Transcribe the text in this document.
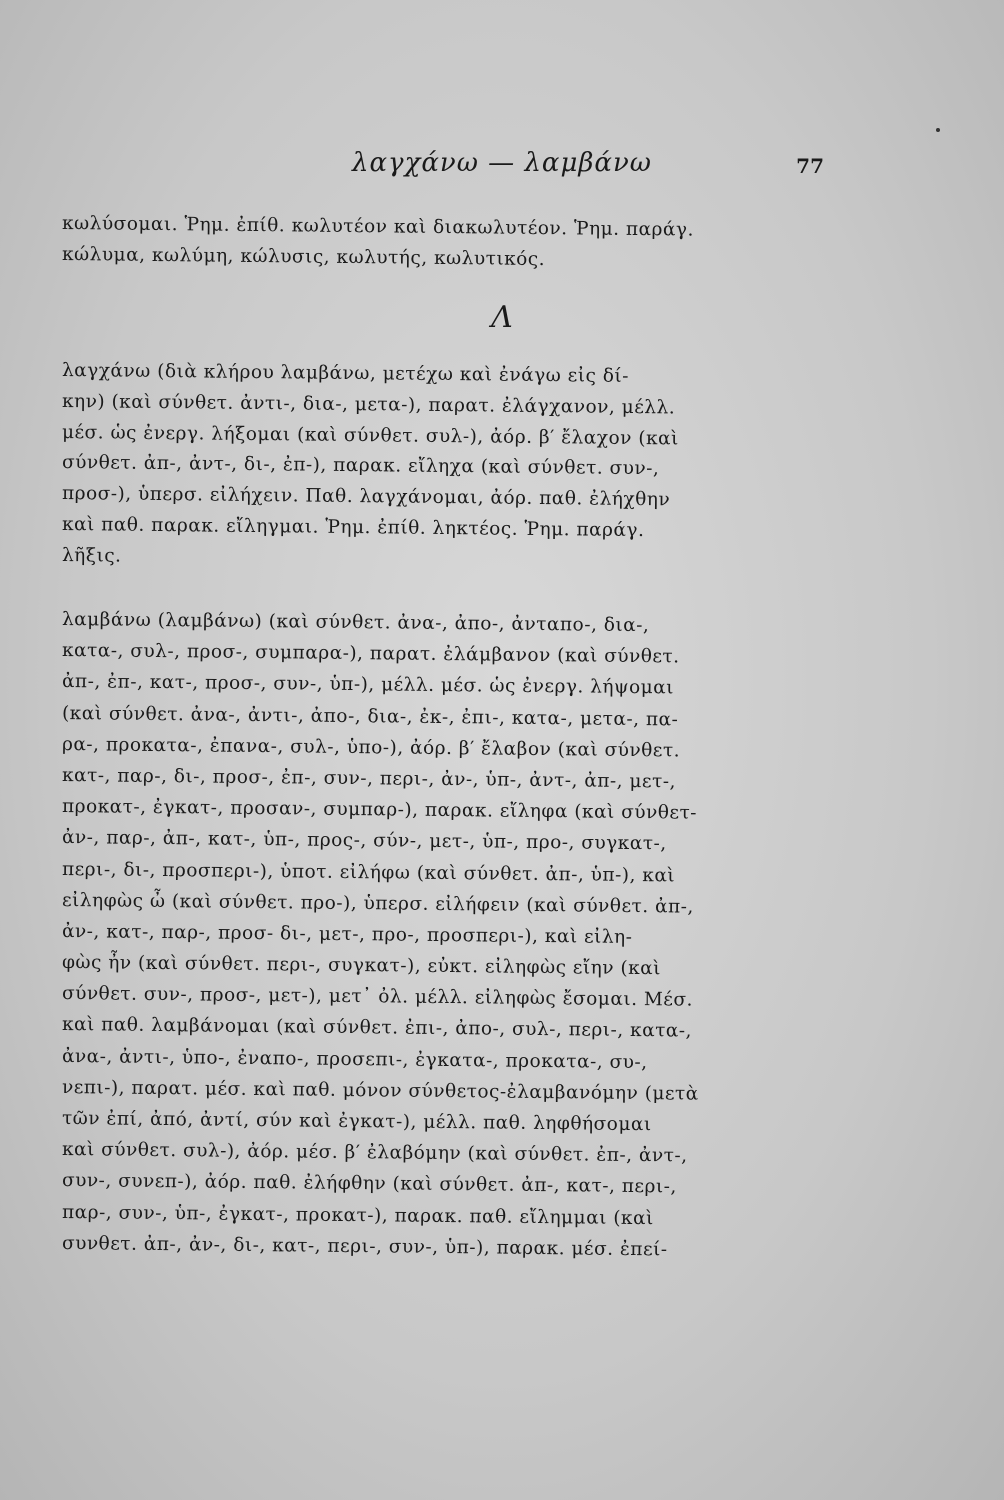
λαγχάνω — λαμβάνω	77
κωλύσομαι. Ῥημ. ἐπίθ. κωλυτέον καὶ διακωλυτέον. Ῥημ. παράγ.
κώλυμα, κωλύμη, κώλυσις, κωλυτής, κωλυτικός.
Λ
λαγχάνω (διὰ κλήρου λαμβάνω, μετέχω καὶ ἐνάγω εἰς δί-
κην) (καὶ σύνθετ. ἀντι-, δια-, μετα-), παρατ. ἐλάγχανον, μέλλ.
μέσ. ὡς ἐνεργ. λήξομαι (καὶ σύνθετ. συλ-), ἀόρ. β′ ἔλαχον (καὶ
σύνθετ. ἀπ-, ἀντ-, δι-, ἐπ-), παρακ. εἴληχα (καὶ σύνθετ. συν-,
προσ-), ὑπερσ. εἰλήχειν. Παθ. λαγχάνομαι, ἀόρ. παθ. ἐλήχθην
καὶ παθ. παρακ. εἴληγμαι. Ῥημ. ἐπίθ. ληκτέος. Ῥημ. παράγ.
λῆξις.
λαμβάνω (λαμβάνω) (καὶ σύνθετ. ἀνα-, ἀπο-, ἀνταπο-, δια-,
κατα-, συλ-, προσ-, συμπαρα-), παρατ. ἐλάμβανον (καὶ σύνθετ.
ἀπ-, ἐπ-, κατ-, προσ-, συν-, ὑπ-), μέλλ. μέσ. ὡς ἐνεργ. λήψομαι
(καὶ σύνθετ. ἀνα-, ἀντι-, ἀπο-, δια-, ἐκ-, ἐπι-, κατα-, μετα-, πα-
ρα-, προκατα-, ἐπανα-, συλ-, ὑπο-), ἀόρ. β′ ἔλαβον (καὶ σύνθετ.
κατ-, παρ-, δι-, προσ-, ἐπ-, συν-, περι-, ἀν-, ὑπ-, ἀντ-, ἀπ-, μετ-,
προκατ-, ἐγκατ-, προσαν-, συμπαρ-), παρακ. εἴληφα (καὶ σύνθετ-
ἀν-, παρ-, ἀπ-, κατ-, ὑπ-, προς-, σύν-, μετ-, ὑπ-, προ-, συγκατ-,
περι-, δι-, προσπερι-), ὑποτ. εἰλήφω (καὶ σύνθετ. ἀπ-, ὑπ-), καὶ
εἰληφὼς ὦ (καὶ σύνθετ. προ-), ὑπερσ. εἰλήφειν (καὶ σύνθετ. ἀπ-,
ἀν-, κατ-, παρ-, προσ- δι-, μετ-, προ-, προσπερι-), καὶ εἰλη-
φὼς ἦν (καὶ σύνθετ. περι-, συγκατ-), εὐκτ. εἰληφὼς εἴην (καὶ
σύνθετ. συν-, προσ-, μετ-), μετ᾽ ὀλ. μέλλ. εἰληφὼς ἔσομαι. Μέσ.
καὶ παθ. λαμβάνομαι (καὶ σύνθετ. ἐπι-, ἀπο-, συλ-, περι-, κατα-,
ἀνα-, ἀντι-, ὑπο-, ἐναπο-, προσεπι-, ἐγκατα-, προκατα-, συ-,
νεπι-), παρατ. μέσ. καὶ παθ. μόνον σύνθετος-ἐλαμβανόμην (μετὰ
τῶν ἐπί, ἀπό, ἀντί, σύν καὶ ἐγκατ-), μέλλ. παθ. ληφθήσομαι
καὶ σύνθετ. συλ-), ἀόρ. μέσ. β′ ἐλαβόμην (καὶ σύνθετ. ἐπ-, ἀντ-,
συν-, συνεπ-), ἀόρ. παθ. ἐλήφθην (καὶ σύνθετ. ἀπ-, κατ-, περι-,
παρ-, συν-, ὑπ-, ἐγκατ-, προκατ-), παρακ. παθ. εἴλημμαι (καὶ
συνθετ. ἀπ-, ἀν-, δι-, κατ-, περι-, συν-, ὑπ-), παρακ. μέσ. ἐπεί-
